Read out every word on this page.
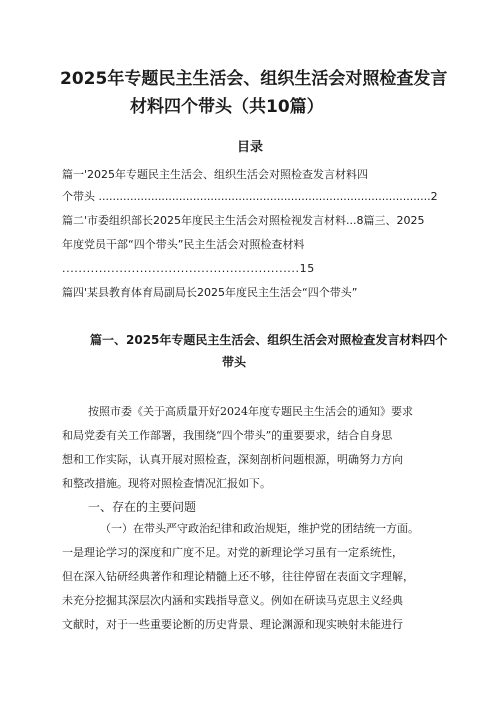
2025年专题民主生活会、组织生活会对照检查发言
材料四个带头（共10篇）
目录
篇一'2025年专题民主生活会、组织生活会对照检查发言材料四
个带头 ...............................................................................................2
篇二'市委组织部长2025年度民主生活会对照检视发言材料...8篇三、2025
年度党员干部“四个带头”民主生活会对照检查材料
..........................................................15
篇四'某县教育体育局副局长2025年度民主生活会“四个带头”
篇一、2025年专题民主生活会、组织生活会对照检查发言材料四个
带头
按照市委《关于高质量开好2024年度专题民主生活会的通知》要求
和局党委有关工作部署，我围绕“四个带头”的重要要求，结合自身思
想和工作实际，认真开展对照检查，深刻剖析问题根源，明确努力方向
和整改措施。现将对照检查情况汇报如下。
一、存在的主要问题
（一）在带头严守政治纪律和政治规矩，维护党的团结统一方面。
一是理论学习的深度和广度不足。对党的新理论学习虽有一定系统性，
但在深入钻研经典著作和理论精髓上还不够，往往停留在表面文字理解，
未充分挖掘其深层次内涵和实践指导意义。例如在研读马克思主义经典
文献时，对于一些重要论断的历史背景、理论渊源和现实映射未能进行
